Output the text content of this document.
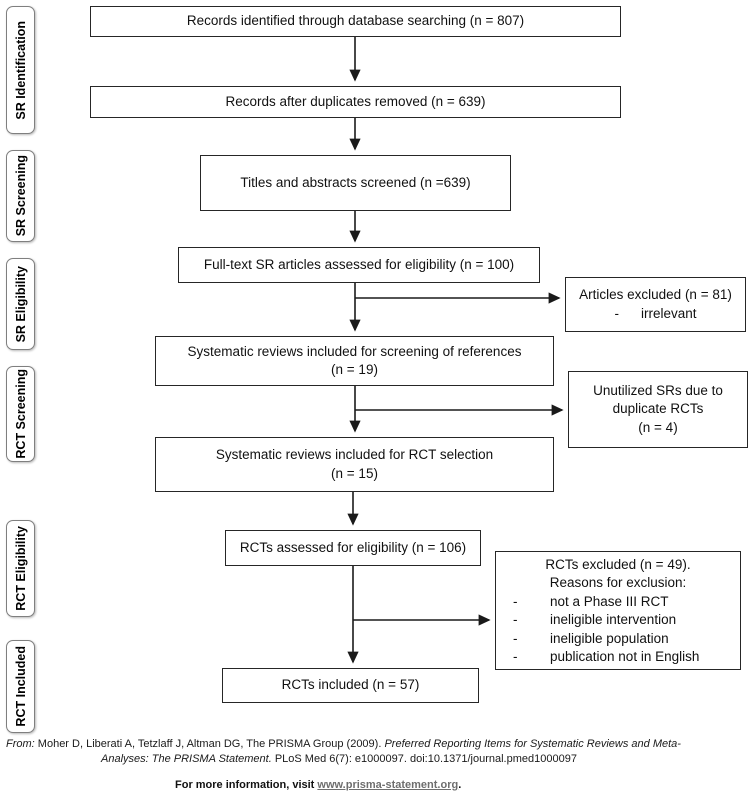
SR Identification
SR Screening
SR Eligibility
RCT Screening
RCT Eligibility
RCT Included
Records identified through database searching (n = 807)
Records after duplicates removed (n = 639)
Titles and abstracts screened (n =639)
Full-text SR articles assessed for eligibility (n = 100)
Articles excluded (n = 81)
- irrelevant
Systematic reviews included for screening of references
(n = 19)
Unutilized SRs due to
duplicate RCTs
(n = 4)
Systematic reviews included for RCT selection
(n = 15)
RCTs assessed for eligibility (n = 106)
RCTs excluded (n = 49).
Reasons for exclusion:
-	not a Phase III RCT
-	ineligible intervention
-	ineligible population
-	publication not in English
RCTs included (n = 57)
From: Moher D, Liberati A, Tetzlaff J, Altman DG, The PRISMA Group (2009). Preferred Reporting Items for Systematic Reviews and Meta-
Analyses: The PRISMA Statement. PLoS Med 6(7): e1000097. doi:10.1371/journal.pmed1000097
For more information, visit www.prisma-statement.org.
